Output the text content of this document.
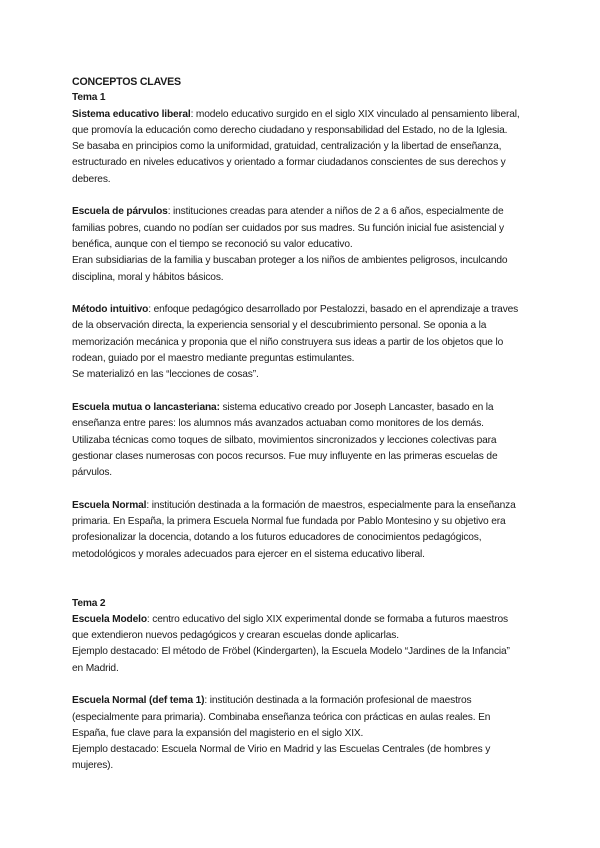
CONCEPTOS CLAVES
Tema 1
Sistema educativo liberal: modelo educativo surgido en el siglo XIX vinculado al pensamiento liberal,
que promovía la educación como derecho ciudadano y responsabilidad del Estado, no de la Iglesia.
Se basaba en principios como la uniformidad, gratuidad, centralización y la libertad de enseñanza,
estructurado en niveles educativos y orientado a formar ciudadanos conscientes de sus derechos y
deberes.
Escuela de párvulos: instituciones creadas para atender a niños de 2 a 6 años, especialmente de
familias pobres, cuando no podían ser cuidados por sus madres. Su función inicial fue asistencial y
benéfica, aunque con el tiempo se reconoció su valor educativo.
Eran subsidiarias de la familia y buscaban proteger a los niños de ambientes peligrosos, inculcando
disciplina, moral y hábitos básicos.
Método intuitivo: enfoque pedagógico desarrollado por Pestalozzi, basado en el aprendizaje a traves
de la observación directa, la experiencia sensorial y el descubrimiento personal. Se oponia a la
memorización mecánica y proponia que el niño construyera sus ideas a partir de los objetos que lo
rodean, guiado por el maestro mediante preguntas estimulantes.
Se materializó en las “lecciones de cosas”.
Escuela mutua o lancasteriana: sistema educativo creado por Joseph Lancaster, basado en la
enseñanza entre pares: los alumnos más avanzados actuaban como monitores de los demás.
Utilizaba técnicas como toques de silbato, movimientos sincronizados y lecciones colectivas para
gestionar clases numerosas con pocos recursos. Fue muy influyente en las primeras escuelas de
párvulos.
Escuela Normal: institución destinada a la formación de maestros, especialmente para la enseñanza
primaria. En España, la primera Escuela Normal fue fundada por Pablo Montesino y su objetivo era
profesionalizar la docencia, dotando a los futuros educadores de conocimientos pedagógicos,
metodológicos y morales adecuados para ejercer en el sistema educativo liberal.
Tema 2
Escuela Modelo: centro educativo del siglo XIX experimental donde se formaba a futuros maestros
que extendieron nuevos pedagógicos y crearan escuelas donde aplicarlas.
Ejemplo destacado: El método de Fröbel (Kindergarten), la Escuela Modelo “Jardines de la Infancia”
en Madrid.
Escuela Normal (def tema 1): institución destinada a la formación profesional de maestros
(especialmente para primaria). Combinaba enseñanza teórica con prácticas en aulas reales. En
España, fue clave para la expansión del magisterio en el siglo XIX.
Ejemplo destacado: Escuela Normal de Virio en Madrid y las Escuelas Centrales (de hombres y
mujeres).
